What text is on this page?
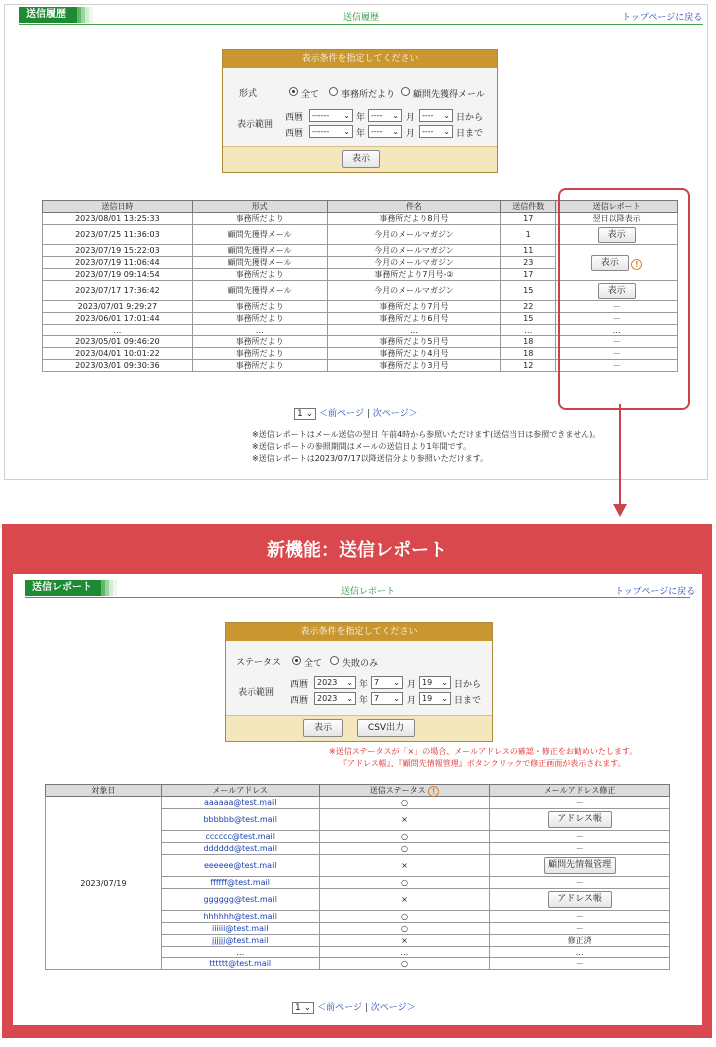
送信履歴	送信履歴	トップページに戻る
表示条件を指定してください
形式	全て 事務所だより 顧問先獲得メール
表示範囲
西暦	------ ⌄ 年 ---- ⌄ 月 ---- ⌄ 日から
西暦	------ ⌄ 年 ---- ⌄ 月 ---- ⌄ 日まで
表示
送信日時	形式	件名	送信件数	送信レポート
2023/08/01 13:25:33	事務所だより	事務所だより8月号	17	翌日以降表示
2023/07/25 11:36:03	顧問先獲得メール	今月のメールマガジン	1	表示
2023/07/19 15:22:03	顧問先獲得メール	今月のメールマガジン	11	表示 !
2023/07/19 11:06:44	顧問先獲得メール	今月のメールマガジン	23	
2023/07/19 09:14:54	事務所だより	事務所だより7月号-②	17	
2023/07/17 17:36:42	顧問先獲得メール	今月のメールマガジン	15	表示
2023/07/01 9:29:27	事務所だより	事務所だより7月号	22	－
2023/06/01 17:01:44	事務所だより	事務所だより6月号	15	－
…	…	…	…	…
2023/05/01 09:46:20	事務所だより	事務所だより5月号	18	－
2023/04/01 10:01:22	事務所だより	事務所だより4月号	18	－
2023/03/01 09:30:36	事務所だより	事務所だより3月号	12	－
1 ⌄ ＜前ページ | 次ページ＞
※送信レポートはメール送信の翌日 午前4時から参照いただけます(送信当日は参照できません)。
※送信レポートの参照期間はメールの送信日より1年間です。
※送信レポートは2023/07/17以降送信分より参照いただけます。
新機能：送信レポート
送信レポート	送信レポート	トップページに戻る
表示条件を指定してください
ステータス	全て 失敗のみ
表示範囲
西暦	2023 ⌄ 年 7 ⌄ 月 19 ⌄ 日から
西暦	2023 ⌄ 年 7 ⌄ 月 19 ⌄ 日まで
表示	CSV出力
※送信ステータスが「×」の場合、メールアドレスの確認・修正をお勧めいたします。
『アドレス帳』、『顧問先情報管理』ボタンクリックで修正画面が表示されます。
対象日	メールアドレス	送信ステータス !	メールアドレス修正
2023/07/19	aaaaaa@test.mail	○	－
	bbbbbb@test.mail	×	アドレス帳
	cccccc@test.mail	○	－
	dddddd@test.mail	○	－
	eeeeee@test.mail	×	顧問先情報管理
	ffffff@test.mail	○	－
	gggggg@test.mail	×	アドレス帳
	hhhhhh@test.mail	○	－
	iiiiii@test.mail	○	－
	jjjjjj@test.mail	×	修正済
	…	…	…
	tttttt@test.mail	○	－
1 ⌄ ＜前ページ | 次ページ＞
